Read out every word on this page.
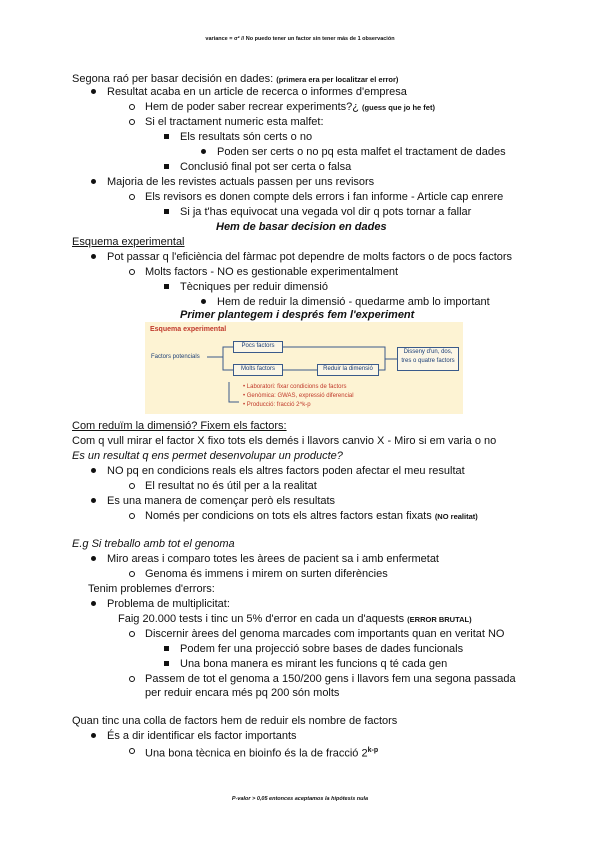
variance = σ² // No puedo tener un factor sin tener más de 1 observación
Segona raó per basar decisión en dades: (primera era per localitzar el error)
Resultat acaba en un article de recerca o informes d'empresa
Hem de poder saber recrear experiments?¿ (guess que jo he fet)
Si el tractament numeric esta malfet:
Els resultats són certs o no
Poden ser certs o no pq esta malfet el tractament de dades
Conclusió final pot ser certa o falsa
Majoria de les revistes actuals passen per uns revisors
Els revisors es donen compte dels errors i fan informe - Article cap enrere
Si ja t'has equivocat una vegada vol dir q pots tornar a fallar
Hem de basar decision en dades
Esquema experimental
Pot passar q l'eficiència del fàrmac pot dependre de molts factors o de pocs factors
Molts factors - NO es gestionable experimentalment
Tècniques per reduir dimensió
Hem de reduir la dimensió - quedarme amb lo important
Primer plantegem i després fem l'experiment
Esquema experimental
Factors potencials
Pocs factors
Molts factors	Reduir la dimensió
Disseny d'un, dos, tres o quatre factors
• Laboratori: fixar condicions de factors
• Genòmica: GWAS, expressió diferencial
• Producció: fracció 2^k-p
Com reduïm la dimensió? Fixem els factors:
Com q vull mirar el factor X fixo tots els demés i llavors canvio X - Miro si em varia o no
Es un resultat q ens permet desenvolupar un producte?
NO pq en condicions reals els altres factors poden afectar el meu resultat
El resultat no és útil per a la realitat
Es una manera de començar però els resultats
Només per condicions on tots els altres factors estan fixats (NO realitat)
E.g Si treballo amb tot el genoma
Miro areas i comparo totes les àrees de pacient sa i amb enfermetat
Genoma és immens i mirem on surten diferències
Tenim problemes d'errors:
Problema de multiplicitat:
Faig 20.000 tests i tinc un 5% d'error en cada un d'aquests (ERROR BRUTAL)
Discernir àrees del genoma marcades com importants quan en veritat NO
Podem fer una projecció sobre bases de dades funcionals
Una bona manera es mirant les funcions q té cada gen
Passem de tot el genoma a 150/200 gens i llavors fem una segona passada
per reduir encara més pq 200 són molts
Quan tinc una colla de factors hem de reduir els nombre de factors
És a dir identificar els factor importants
Una bona tècnica en bioinfo és la de fracció 2$^{k-p}$
P-valor > 0,05 entonces aceptamos la hipótesis nula
